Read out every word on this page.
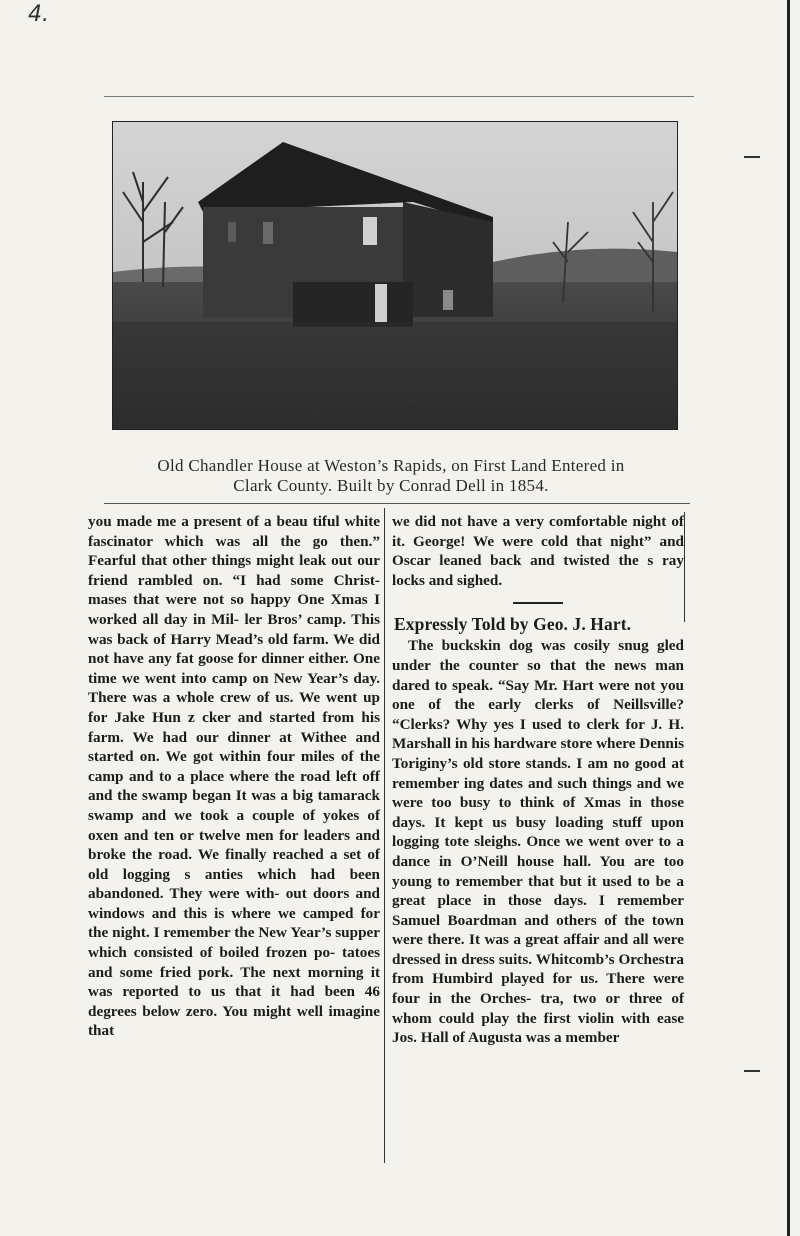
4.
Old Chandler House at Weston’s Rapids, on First Land Entered in
Clark County. Built by Conrad Dell in 1854.

you made me a present of a beau tiful white fascinator which was all the go then.” Fearful that other things might leak out our friend rambled on. “I had some Christ- mases that were not so happy One Xmas I worked all day in Mil- ler Bros’ camp. This was back of Harry Mead’s old farm. We did not have any fat goose for dinner either. One time we went into camp on New Year’s day. There was a whole crew of us. We went up for Jake Hun z cker and started from his farm. We had our dinner at Withee and started on. We got within four miles of the camp and to a place where the road left off and the swamp began It was a big tamarack swamp and we took a couple of yokes of oxen and ten or twelve men for leaders and broke the road. We finally reached a set of old logging s anties which had been abandoned. They were with- out doors and windows and this is where we camped for the night. I remember the New Year’s supper which consisted of boiled frozen po- tatoes and some fried pork. The next morning it was reported to us that it had been 46 degrees below zero. You might well imagine that

we did not have a very comfortable night of it. George! We were cold that night” and Oscar leaned back and twisted the s ray locks and sighed.

Expressly Told by Geo. J. Hart.

The buckskin dog was cosily snug gled under the counter so that the news man dared to speak. “Say Mr. Hart were not you one of the early clerks of Neillsville? “Clerks? Why yes I used to clerk for J. H. Marshall in his hardware store where Dennis Toriginy’s old store stands. I am no good at remember ing dates and such things and we were too busy to think of Xmas in those days. It kept us busy loading stuff upon logging tote sleighs. Once we went over to a dance in O’Neill house hall. You are too young to remember that but it used to be a great place in those days. I remember Samuel Boardman and others of the town were there. It was a great affair and all were dressed in dress suits. Whitcomb’s Orchestra from Humbird played for us. There were four in the Orches- tra, two or three of whom could play the first violin with ease Jos. Hall of Augusta was a member
